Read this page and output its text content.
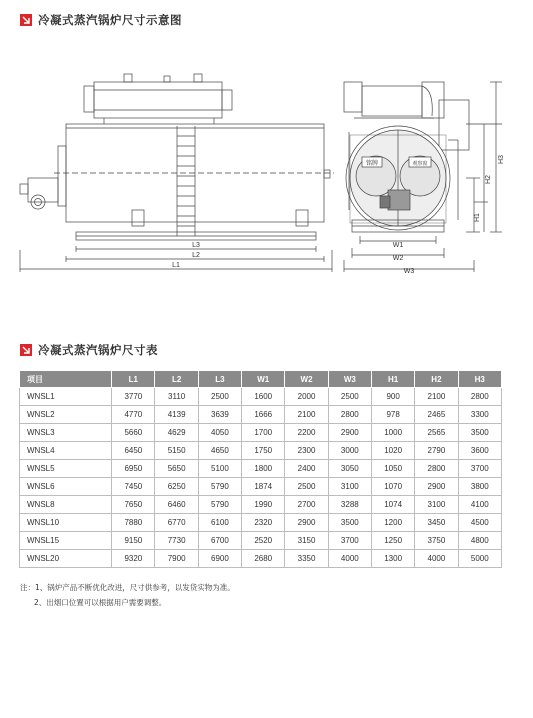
冷凝式蒸汽锅炉尺寸示意图
L3
L2
L1
铭牌	观察窗
W1
W2
W3
H1
H2
H3
冷凝式蒸汽锅炉尺寸表
项目	L1	L2	L3	W1	W2	W3	H1	H2	H3
WNSL1	3770	3110	2500	1600	2000	2500	900	2100	2800
WNSL2	4770	4139	3639	1666	2100	2800	978	2465	3300
WNSL3	5660	4629	4050	1700	2200	2900	1000	2565	3500
WNSL4	6450	5150	4650	1750	2300	3000	1020	2790	3600
WNSL5	6950	5650	5100	1800	2400	3050	1050	2800	3700
WNSL6	7450	6250	5790	1874	2500	3100	1070	2900	3800
WNSL8	7650	6460	5790	1990	2700	3288	1074	3100	4100
WNSL10	7880	6770	6100	2320	2900	3500	1200	3450	4500
WNSL15	9150	7730	6700	2520	3150	3700	1250	3750	4800
WNSL20	9320	7900	6900	2680	3350	4000	1300	4000	5000
注：1、锅炉产品不断优化改进，尺寸供参考，以发货实物为准。
2、出烟口位置可以根据用户需要调整。
